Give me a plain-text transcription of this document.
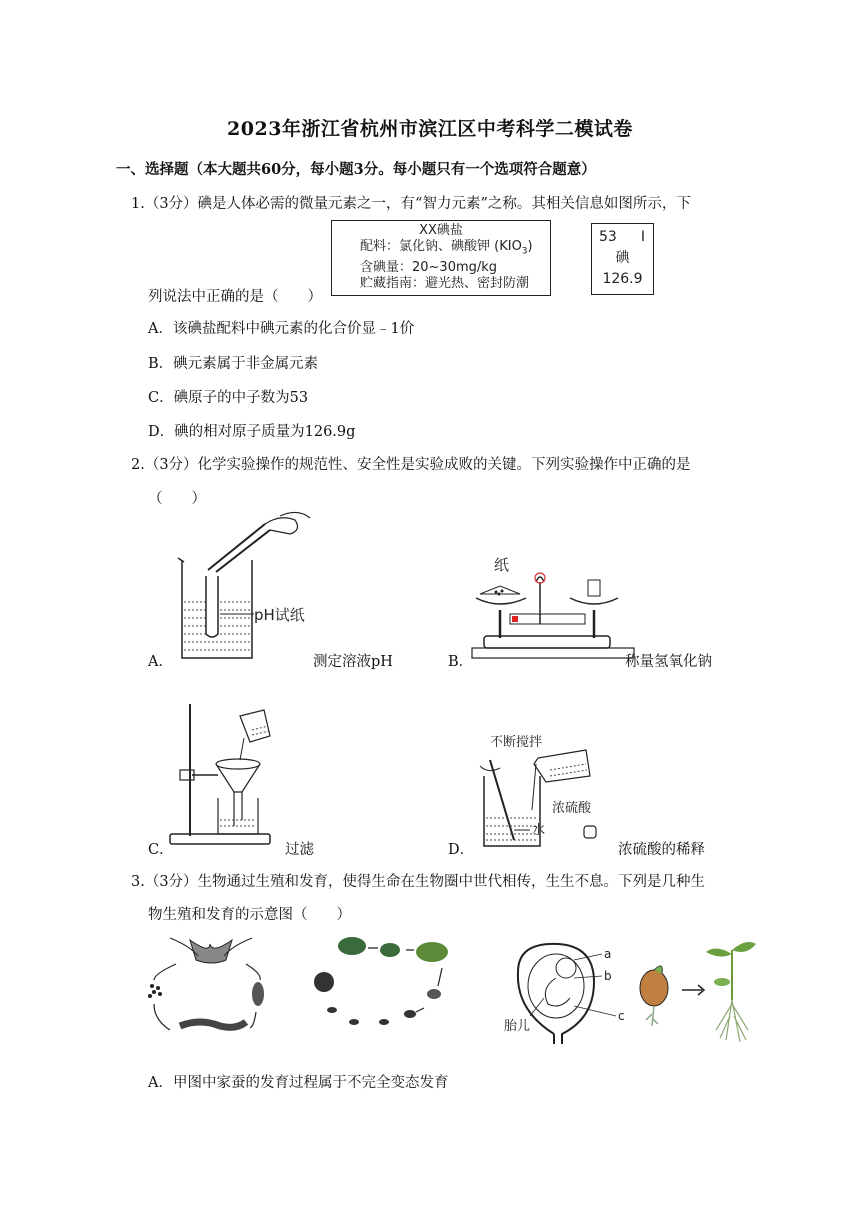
2023年浙江省杭州市滨江区中考科学二模试卷
一、选择题（本大题共60分，每小题3分。每小题只有一个选项符合题意）
1.（3分）碘是人体必需的微量元素之一，有“智力元素”之称。其相关信息如图所示，下
XX碘盐
配料：氯化钠、碘酸钾 $(KIO_3)$
含碘量：20~30mg/kg
贮藏指南：避光热、密封防潮
53 I
碘
126.9
列说法中正确的是（　　）
A．该碘盐配料中碘元素的化合价显﹣1价
B．碘元素属于非金属元素
C．碘原子的中子数为53
D．碘的相对原子质量为126.9g
2.（3分）化学实验操作的规范性、安全性是实验成败的关键。下列实验操作中正确的是
（　　）
pH试纸
A．	测定溶液pH
纸
B．	称量氢氧化钠
C．	过滤
不断搅拌
浓硫酸
水
D．	浓硫酸的稀释
3.（3分）生物通过生殖和发育，使得生命在生物圈中世代相传，生生不息。下列是几种生
物生殖和发育的示意图（　　）
a
b
c
胎儿
A．甲图中家蚕的发育过程属于不完全变态发育
